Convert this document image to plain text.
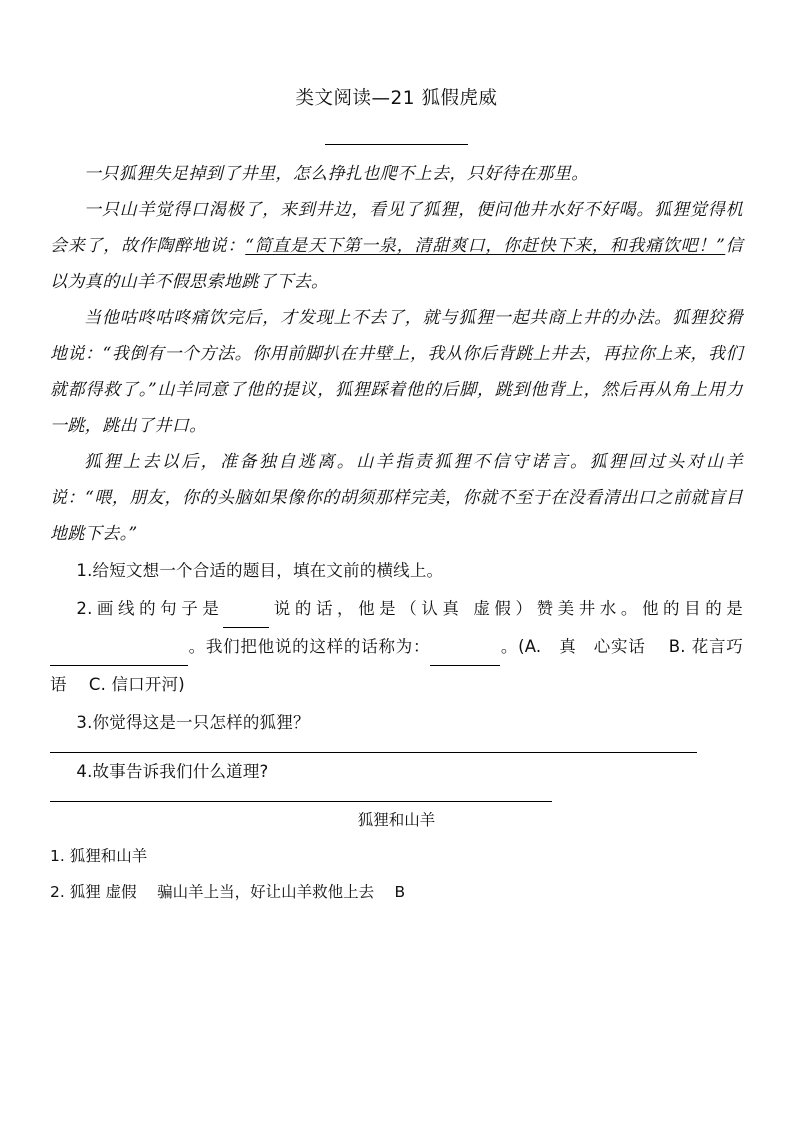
类文阅读—21 狐假虎威

一只狐狸失足掉到了井里，怎么挣扎也爬不上去，只好待在那里。

一只山羊觉得口渴极了，来到井边，看见了狐狸，便问他井水好不好喝。狐狸觉得机会来了，故作陶醉地说：“简直是天下第一泉，清甜爽口，你赶快下来，和我痛饮吧！”信以为真的山羊不假思索地跳了下去。

当他咕咚咕咚痛饮完后，才发现上不去了，就与狐狸一起共商上井的办法。狐狸狡猾地说：“我倒有一个方法。你用前脚扒在井壁上，我从你后背跳上井去，再拉你上来，我们就都得救了。”山羊同意了他的提议，狐狸踩着他的后脚，跳到他背上，然后再从角上用力一跳，跳出了井口。

狐狸上去以后，准备独自逃离。山羊指责狐狸不信守诺言。狐狸回过头对山羊说：“喂，朋友，你的头脑如果像你的胡须那样完美，你就不至于在没看清出口之前就盲目地跳下去。”

1.给短文想一个合适的题目，填在文前的横线上。

2.画线的句子是	说的话，他是（认真 虚假）赞美井水。他的目的是。我们把他说的这样的话称为：	。(A.　真　心实话　 B. 花言巧语　 C. 信口开河)

3.你觉得这是一只怎样的狐狸？

4.故事告诉我们什么道理?

狐狸和山羊

1. 狐狸和山羊

2. 狐狸 虚假　 骗山羊上当，好让山羊救他上去　 B
